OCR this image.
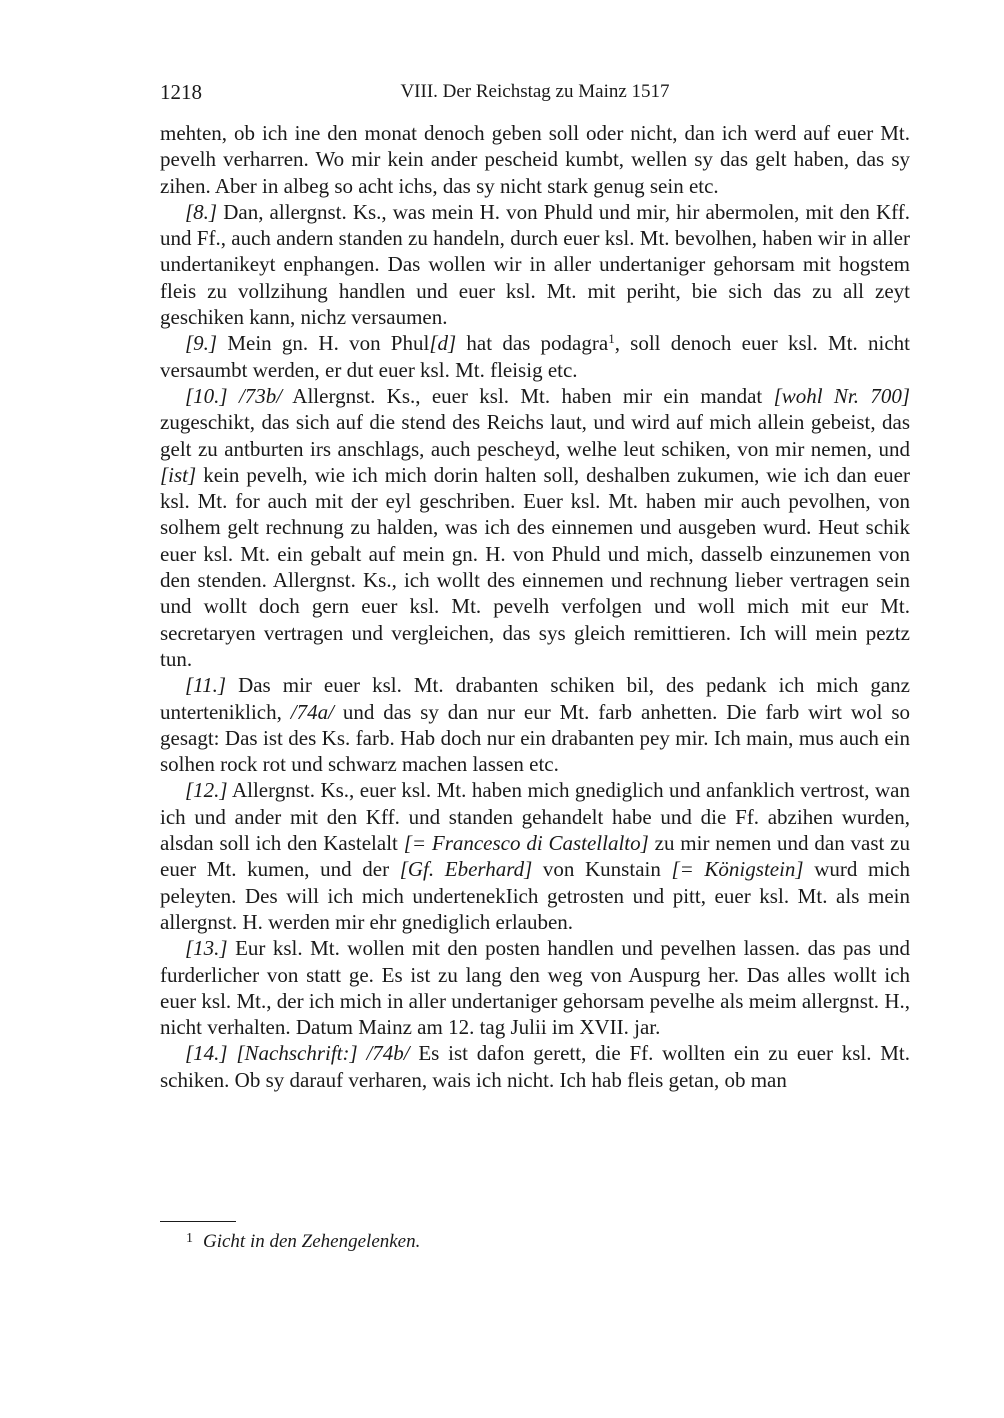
1218	VIII. Der Reichstag zu Mainz 1517

mehten, ob ich ine den monat denoch geben soll oder nicht, dan ich werd auf euer Mt. pevelh verharren. Wo mir kein ander pescheid kumbt, wellen sy das gelt haben, das sy zihen. Aber in albeg so acht ichs, das sy nicht stark genug sein etc.

[8.] Dan, allergnst. Ks., was mein H. von Phuld und mir, hir abermolen, mit den Kff. und Ff., auch andern standen zu handeln, durch euer ksl. Mt. bevolhen, haben wir in aller undertanikeyt enphangen. Das wollen wir in aller undertaniger gehorsam mit hogstem fleis zu vollzihung handlen und euer ksl. Mt. mit periht, bie sich das zu all zeyt geschiken kann, nichz versaumen.

[9.] Mein gn. H. von Phul[d] hat das podagra$^1$, soll denoch euer ksl. Mt. nicht versaumbt werden, er dut euer ksl. Mt. fleisig etc.

[10.] /73b/ Allergnst. Ks., euer ksl. Mt. haben mir ein mandat [wohl Nr. 700] zugeschikt, das sich auf die stend des Reichs laut, und wird auf mich allein gebeist, das gelt zu antburten irs anschlags, auch pescheyd, welhe leut schiken, von mir nemen, und [ist] kein pevelh, wie ich mich dorin halten soll, deshalben zukumen, wie ich dan euer ksl. Mt. for auch mit der eyl geschriben. Euer ksl. Mt. haben mir auch pevolhen, von solhem gelt rechnung zu halden, was ich des einnemen und ausgeben wurd. Heut schik euer ksl. Mt. ein gebalt auf mein gn. H. von Phuld und mich, dasselb einzunemen von den stenden. Allergnst. Ks., ich wollt des einnemen und rechnung lieber vertragen sein und wollt doch gern euer ksl. Mt. pevelh verfolgen und woll mich mit eur Mt. secretaryen vertragen und vergleichen, das sys gleich remittieren. Ich will mein peztz tun.

[11.] Das mir euer ksl. Mt. drabanten schiken bil, des pedank ich mich ganz unterteniklich, /74a/ und das sy dan nur eur Mt. farb anhetten. Die farb wirt wol so gesagt: Das ist des Ks. farb. Hab doch nur ein drabanten pey mir. Ich main, mus auch ein solhen rock rot und schwarz machen lassen etc.

[12.] Allergnst. Ks., euer ksl. Mt. haben mich gnediglich und anfanklich vertrost, wan ich und ander mit den Kff. und standen gehandelt habe und die Ff. abzihen wurden, alsdan soll ich den Kastelalt [= Francesco di Castellalto] zu mir nemen und dan vast zu euer Mt. kumen, und der [Gf. Eberhard] von Kunstain [= Königstein] wurd mich peleyten. Des will ich mich undertenekIich getrosten und pitt, euer ksl. Mt. als mein allergnst. H. werden mir ehr gnediglich erlauben.

[13.] Eur ksl. Mt. wollen mit den posten handlen und pevelhen lassen. das pas und furderlicher von statt ge. Es ist zu lang den weg von Auspurg her. Das alles wollt ich euer ksl. Mt., der ich mich in aller undertaniger gehorsam pevelhe als meim allergnst. H., nicht verhalten. Datum Mainz am 12. tag Julii im XVII. jar.

[14.] [Nachschrift:] /74b/ Es ist dafon gerett, die Ff. wollten ein zu euer ksl. Mt. schiken. Ob sy darauf verharen, wais ich nicht. Ich hab fleis getan, ob man

$^1$ Gicht in den Zehengelenken.
